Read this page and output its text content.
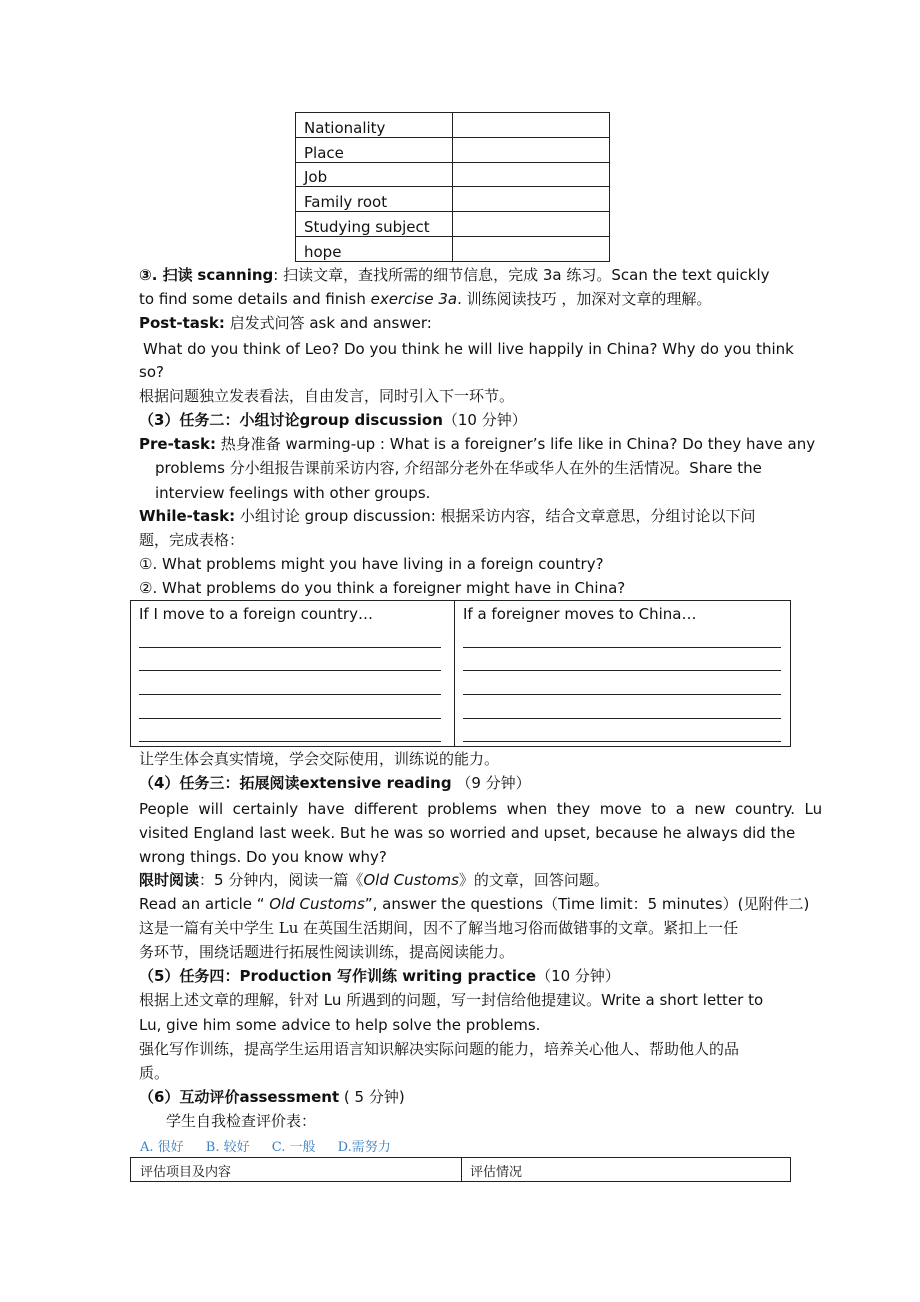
Nationality	
Place	
Job	
Family root	
Studying subject	
hope	
③. 扫读 scanning: 扫读文章，查找所需的细节信息，完成 3a 练习。Scan the text quickly
to find some details and finish exercise 3a. 训练阅读技巧 ，加深对文章的理解。
Post-task: 启发式问答 ask and answer:
What do you think of Leo? Do you think he will live happily in China? Why do you think
so?
根据问题独立发表看法，自由发言，同时引入下一环节。
（3）任务二：小组讨论group discussion（10 分钟）
Pre-task: 热身准备 warming-up : What is a foreigner’s life like in China? Do they have any
problems 分小组报告课前采访内容, 介绍部分老外在华或华人在外的生活情况。Share the
interview feelings with other groups.
While-task: 小组讨论 group discussion: 根据采访内容，结合文章意思，分组讨论以下问
题，完成表格：
①. What problems might you have living in a foreign country?
②. What problems do you think a foreigner might have in China?
If I move to a foreign country…	If a foreigner moves to China…
让学生体会真实情境，学会交际使用，训练说的能力。
（4）任务三：拓展阅读extensive reading （9 分钟）
People  will  certainly  have  different  problems  when  they  move  to  a  new  country.  Lu
visited England last week. But he was so worried and upset, because he always did the
wrong things. Do you know why?
限时阅读：5 分钟内，阅读一篇《Old Customs》的文章，回答问题。
Read an article “ Old Customs”, answer the questions（Time limit：5 minutes）(见附件二)
这是一篇有关中学生 Lu 在英国生活期间，因不了解当地习俗而做错事的文章。紧扣上一任
务环节，围绕话题进行拓展性阅读训练，提高阅读能力。
（5）任务四：Production 写作训练 writing practice（10 分钟）
根据上述文章的理解，针对 Lu 所遇到的问题，写一封信给他提建议。Write a short letter to
Lu, give him some advice to help solve the problems.
强化写作训练，提高学生运用语言知识解决实际问题的能力，培养关心他人、帮助他人的品
质。
（6）互动评价assessment ( 5 分钟)
学生自我检查评价表：
A. 很好 B. 较好 C. 一般 D.需努力
评估项目及内容	评估情况
